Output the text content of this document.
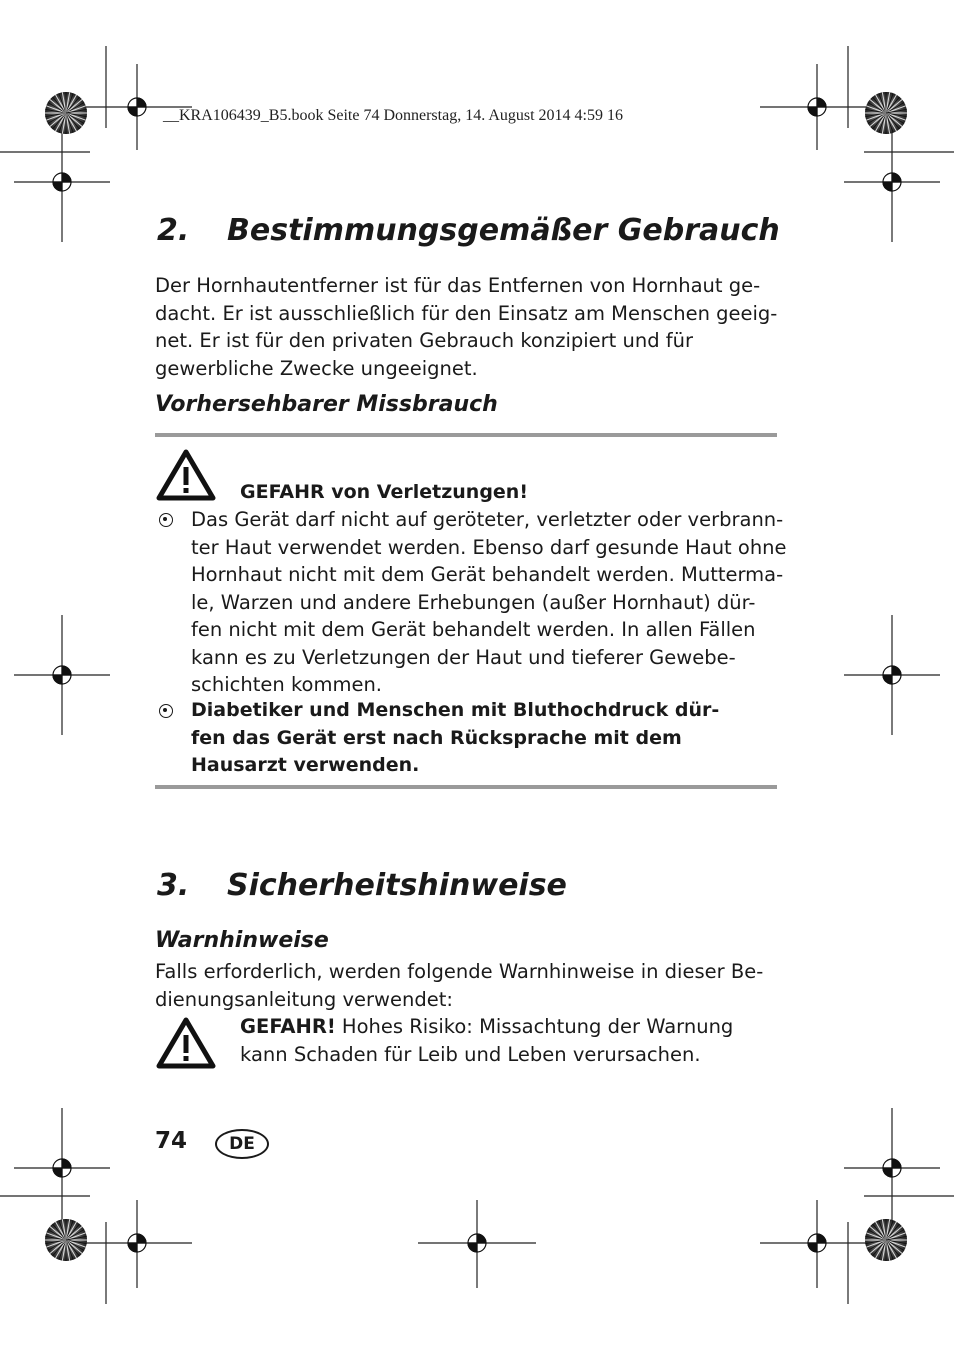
__KRA106439_B5.book Seite 74 Donnerstag, 14. August 2014 4:59 16
2. Bestimmungsgemäßer Gebrauch
Der Hornhautentferner ist für das Entfernen von Hornhaut ge-
dacht. Er ist ausschließlich für den Einsatz am Menschen geeig-
net. Er ist für den privaten Gebrauch konzipiert und für
gewerbliche Zwecke ungeeignet.
Vorhersehbarer Missbrauch
GEFAHR von Verletzungen!
Das Gerät darf nicht auf geröteter, verletzter oder verbrann-
ter Haut verwendet werden. Ebenso darf gesunde Haut ohne
Hornhaut nicht mit dem Gerät behandelt werden. Mutterma-
le, Warzen und andere Erhebungen (außer Hornhaut) dür-
fen nicht mit dem Gerät behandelt werden. In allen Fällen
kann es zu Verletzungen der Haut und tieferer Gewebe-
schichten kommen.
Diabetiker und Menschen mit Bluthochdruck dür-
fen das Gerät erst nach Rücksprache mit dem
Hausarzt verwenden.
3. Sicherheitshinweise
Warnhinweise
Falls erforderlich, werden folgende Warnhinweise in dieser Be-
dienungsanleitung verwendet:
GEFAHR! Hohes Risiko: Missachtung der Warnung
kann Schaden für Leib und Leben verursachen.
74	DE
